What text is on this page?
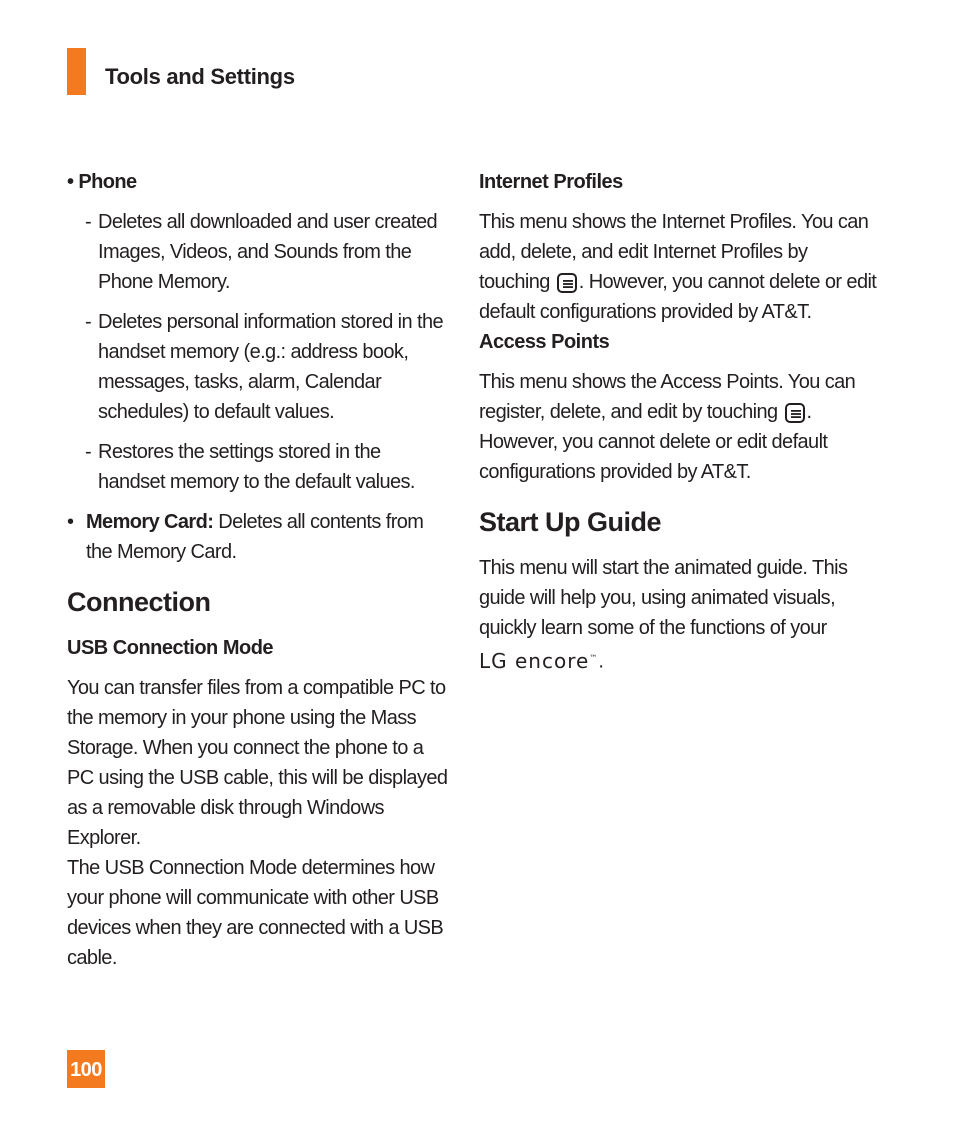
Tools and Settings
• Phone
- Deletes all downloaded and user created Images, Videos, and Sounds from the Phone Memory.
- Deletes personal information stored in the handset memory (e.g.: address book, messages, tasks, alarm, Calendar schedules) to default values.
- Restores the settings stored in the handset memory to the default values.
• Memory Card: Deletes all contents from the Memory Card.
Connection
USB Connection Mode

You can transfer files from a compatible PC to the memory in your phone using the Mass Storage. When you connect the phone to a PC using the USB cable, this will be displayed as a removable disk through Windows Explorer.

The USB Connection Mode determines how your phone will communicate with other USB devices when they are connected with a USB cable.

Internet Profiles

This menu shows the Internet Profiles. You can add, delete, and edit Internet Profiles by touching
. However, you cannot delete or edit default configurations provided by AT&T.

Access Points

This menu shows the Access Points. You can register, delete, and edit by touching
. However, you cannot delete or edit default configurations provided by AT&T.

Start Up Guide

This menu will start the animated guide. This guide will help you, using animated visuals, quickly learn some of the functions of your
LG encore™.

100
